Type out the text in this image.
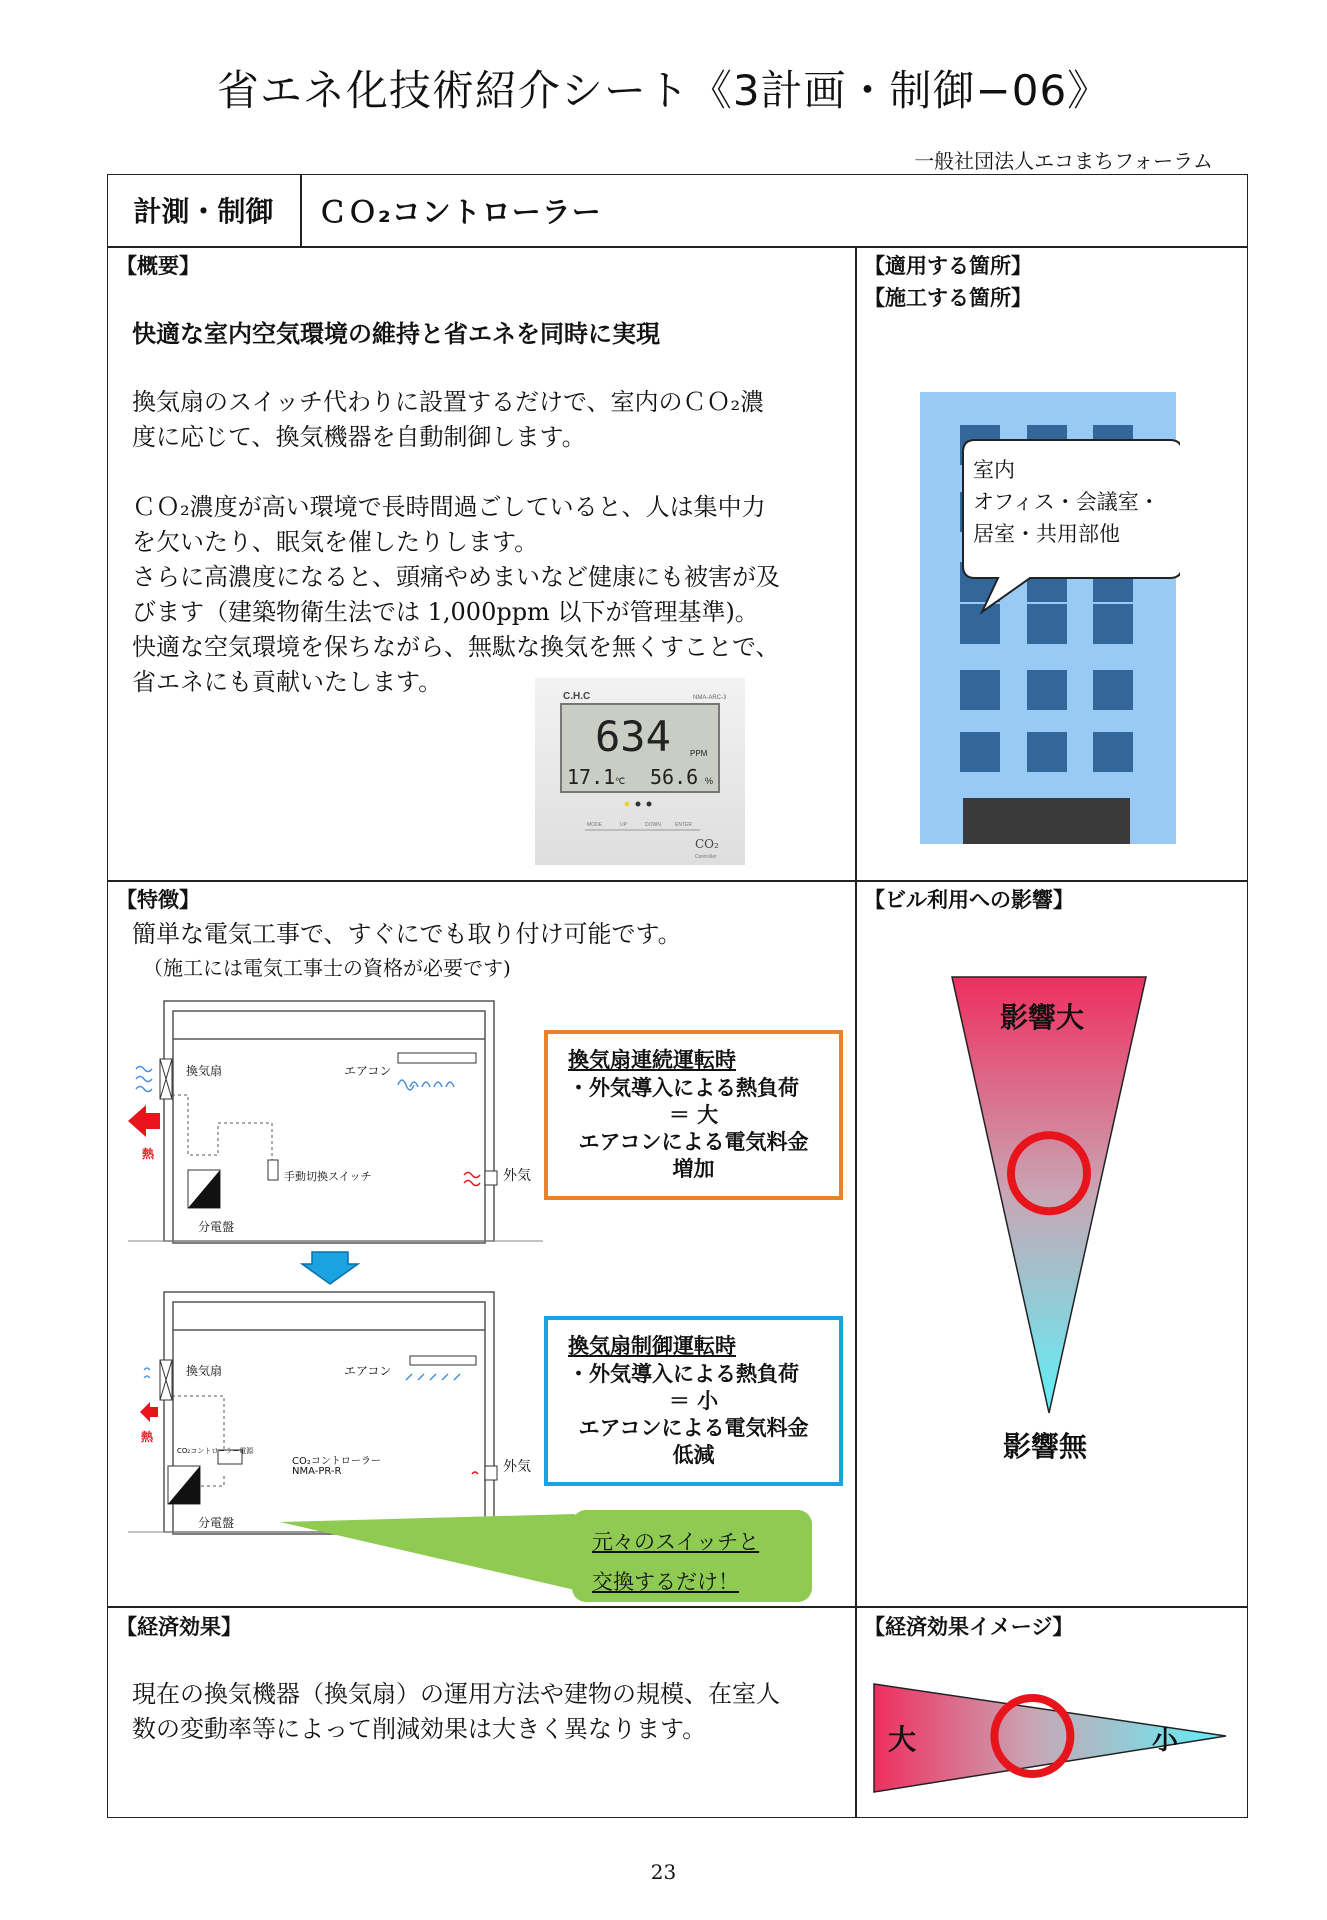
省エネ化技術紹介シート《3計画・制御−06》
一般社団法人エコまちフォーラム
計測・制御	ＣＯ₂コントローラー
【概要】
快適な室内空気環境の維持と省エネを同時に実現
換気扇のスイッチ代わりに設置するだけで、室内のＣＯ₂濃
度に応じて、換気機器を自動制御します。
ＣＯ₂濃度が高い環境で長時間過ごしていると、人は集中力
を欠いたり、眠気を催したりします。
さらに高濃度になると、頭痛やめまいなど健康にも被害が及
びます（建築物衛生法では 1,000ppm 以下が管理基準)。
快適な空気環境を保ちながら、無駄な換気を無くすことで、
省エネにも貢献いたします。
C.H.C	NMA-ARC-3
634 PPM
17.1 ℃ 56.6 %
MODE	UP	DOWN	ENTER
CO₂
Controller
【適用する箇所】
【施工する箇所】
室内
オフィス・会議室・
居室・共用部他
【特徴】
簡単な電気工事で、すぐにでも取り付け可能です。
（施工には電気工事士の資格が必要です)
換気扇	エアコン
手動切換スイッチ
分電盤
外気
熱
換気扇	エアコン
CO₂コントローラー電源
CO₂コントローラー
NMA-PR-R
分電盤
外気
熱
換気扇連続運転時
・外気導入による熱負荷
＝ 大
エアコンによる電気料金
増加
換気扇制御運転時
・外気導入による熱負荷
＝ 小
エアコンによる電気料金
低減
元々のスイッチと
交換するだけ！
【ビル利用への影響】
影響大
影響無
【経済効果】
現在の換気機器（換気扇）の運用方法や建物の規模、在室人
数の変動率等によって削減効果は大きく異なります。
【経済効果イメージ】
大	小
23
